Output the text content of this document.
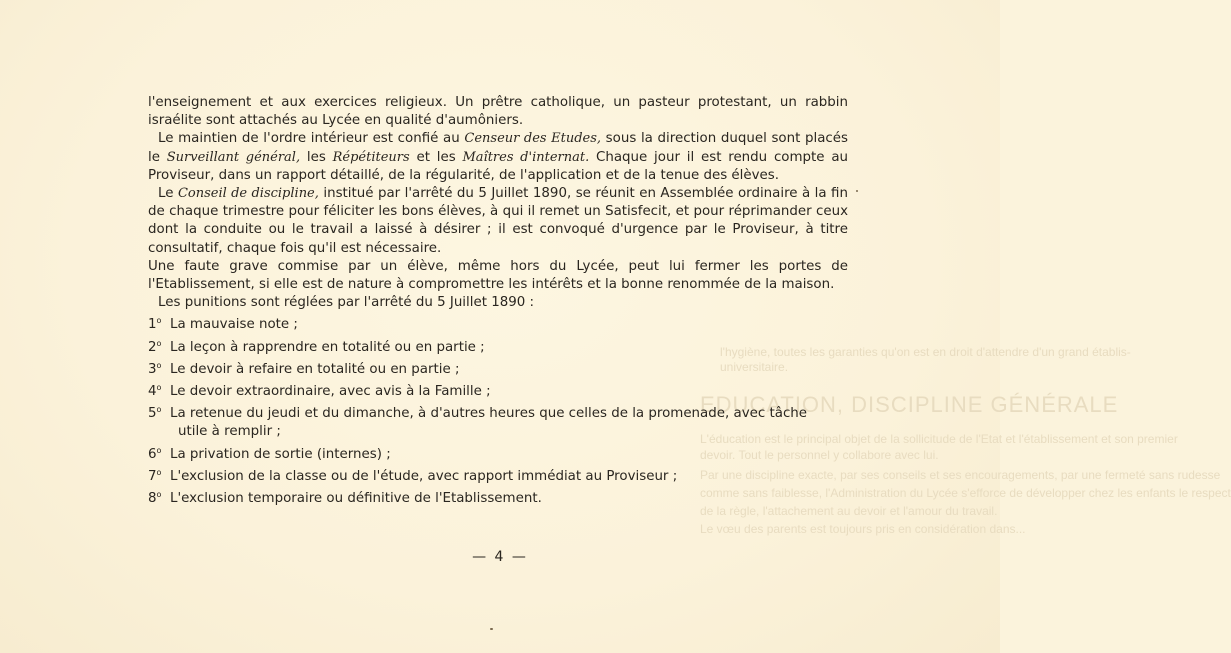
l'hygiène, toutes les garanties qu'on est en droit d'attendre d'un grand établis-
universitaire.
EDUCATION, DISCIPLINE GÉNÉRALE
L'éducation est le principal objet de la sollicitude de l'Etat et l'établissement et son premier
devoir. Tout le personnel y collabore avec lui.
Par une discipline exacte, par ses conseils et ses encouragements, par une fermeté sans rudesse
comme sans faiblesse, l'Administration du Lycée s'efforce de développer chez les enfants le respect
de la règle, l'attachement au devoir et l'amour du travail.
Le vœu des parents est toujours pris en considération dans...

l'enseignement et aux exercices religieux. Un prêtre catholique, un pasteur protestant, un rabbin israélite sont attachés au Lycée en qualité d'aumôniers.

Le maintien de l'ordre intérieur est confié au Censeur des Etudes, sous la direction duquel sont placés le Surveillant général, les Répétiteurs et les Maîtres d'internat. Chaque jour il est rendu compte au Proviseur, dans un rapport détaillé, de la régularité, de l'application et de la tenue des élèves.

Le Conseil de discipline, institué par l'arrêté du 5 Juillet 1890, se réunit en Assemblée ordinaire à la fin de chaque trimestre pour féliciter les bons élèves, à qui il remet un Satisfecit, et pour réprimander ceux dont la conduite ou le travail a laissé à désirer ; il est convoqué d'urgence par le Proviseur, à titre consultatif, chaque fois qu'il est nécessaire.

Une faute grave commise par un élève, même hors du Lycée, peut lui fermer les portes de l'Etablissement, si elle est de nature à compromettre les intérêts et la bonne renommée de la maison.

Les punitions sont réglées par l'arrêté du 5 Juillet 1890 :

1$^o$ La mauvaise note ;
2$^o$ La leçon à rapprendre en totalité ou en partie ;
3$^o$ Le devoir à refaire en totalité ou en partie ;
4$^o$ Le devoir extraordinaire, avec avis à la Famille ;
5$^o$ La retenue du jeudi et du dimanche, à d'autres heures que celles de la promenade, avec tâche
utile à remplir ;
6$^o$ La privation de sortie (internes) ;
7$^o$ L'exclusion de la classe ou de l'étude, avec rapport immédiat au Proviseur ;
8$^o$ L'exclusion temporaire ou définitive de l'Etablissement.
— 4 —
